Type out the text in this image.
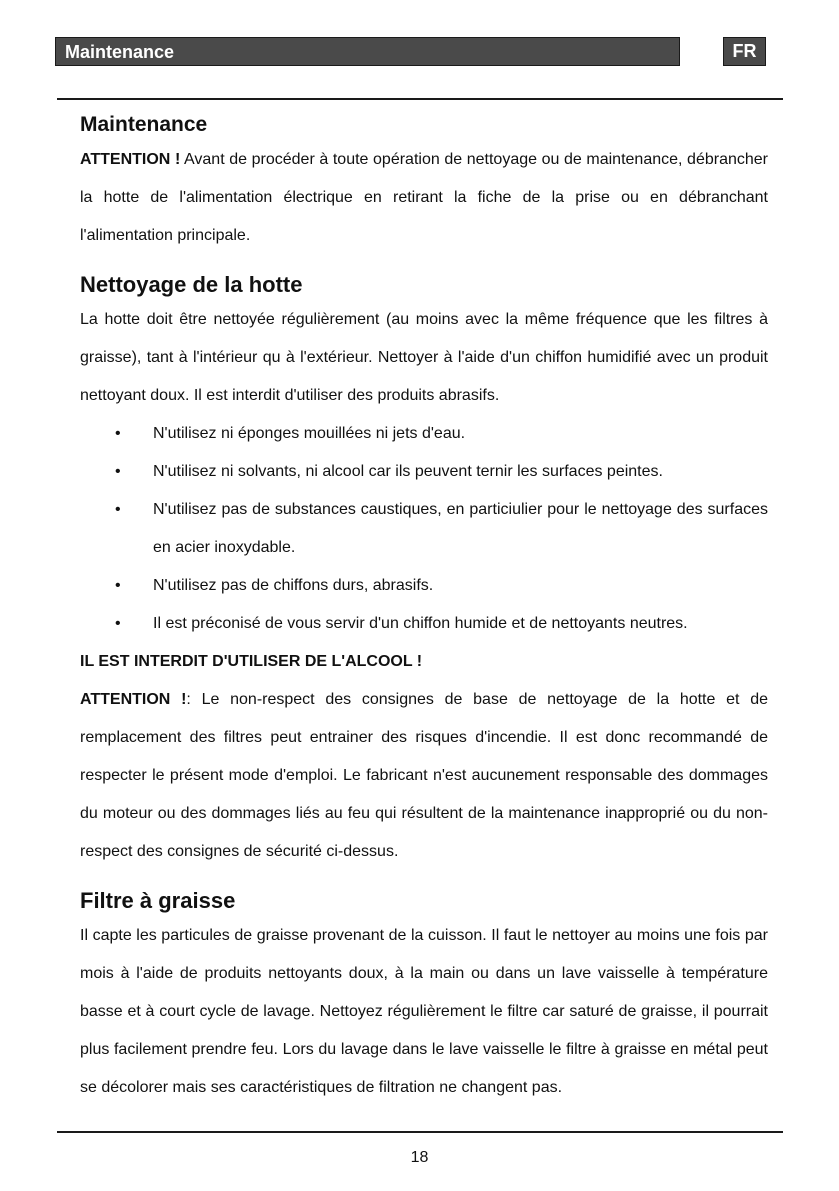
Maintenance	FR
Maintenance

ATTENTION ! Avant de procéder à toute opération de nettoyage ou de maintenance, débrancher la hotte de l'alimentation électrique en retirant la fiche de la prise ou en débranchant l'alimentation principale.

Nettoyage de la hotte

La hotte doit être nettoyée régulièrement (au moins avec la même fréquence que les filtres à graisse), tant à l'intérieur qu à l'extérieur. Nettoyer à l'aide d'un chiffon humidifié avec un produit nettoyant doux. Il est interdit d'utiliser des produits abrasifs.

• N'utilisez ni éponges mouillées ni jets d'eau.
• N'utilisez ni solvants, ni alcool car ils peuvent ternir les surfaces peintes.
• N'utilisez pas de substances caustiques, en particiulier pour le nettoyage des surfaces en acier inoxydable.
• N'utilisez pas de chiffons durs, abrasifs.
• Il est préconisé de vous servir d'un chiffon humide et de nettoyants neutres.

IL EST INTERDIT D'UTILISER DE L'ALCOOL !

ATTENTION !: Le non-respect des consignes de base de nettoyage de la hotte et de remplacement des filtres peut entrainer des risques d'incendie. Il est donc recommandé de respecter le présent mode d'emploi. Le fabricant n'est aucunement responsable des dommages du moteur ou des dommages liés au feu qui résultent de la maintenance inapproprié ou du non-respect des consignes de sécurité ci-dessus.

Filtre à graisse

Il capte les particules de graisse provenant de la cuisson. Il faut le nettoyer au moins une fois par mois à l'aide de produits nettoyants doux, à la main ou dans un lave vaisselle à température basse et à court cycle de lavage. Nettoyez régulièrement le filtre car saturé de graisse, il pourrait plus facilement prendre feu. Lors du lavage dans le lave vaisselle le filtre à graisse en métal peut se décolorer mais ses caractéristiques de filtration ne changent pas.

18
